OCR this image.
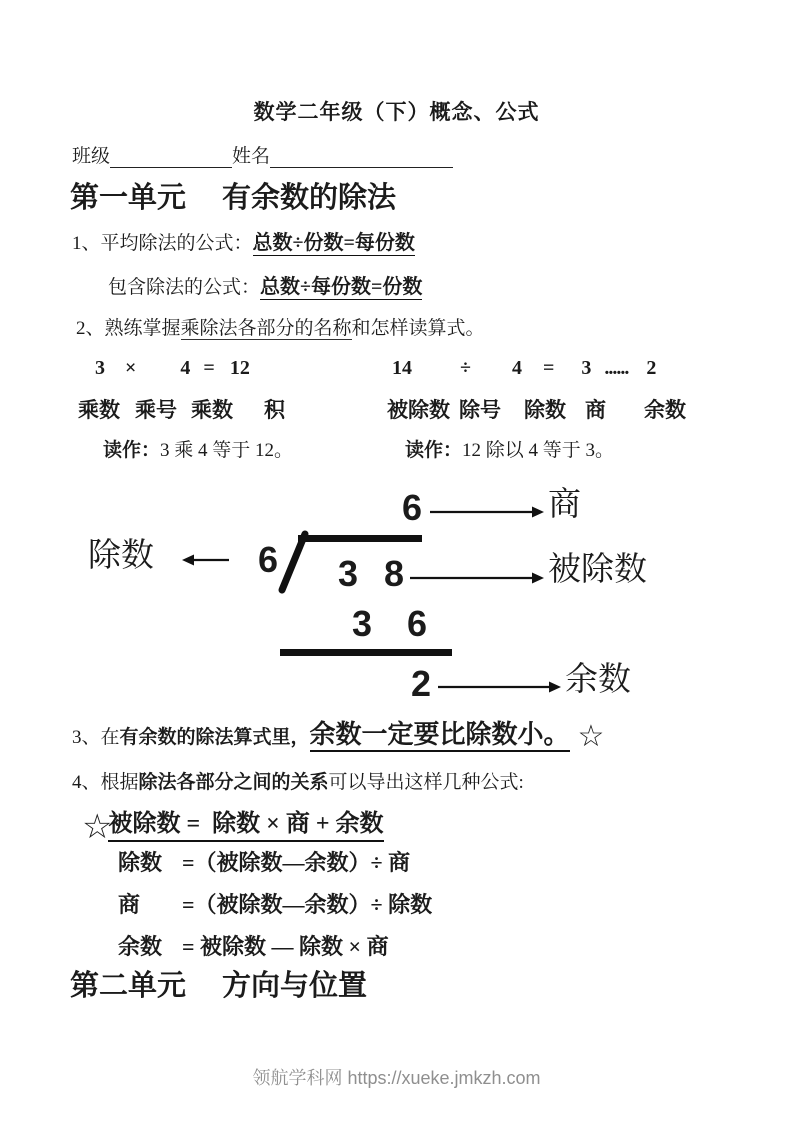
数学二年级（下）概念、公式
班级	姓名
第一单元 有余数的除法
1、平均除法的公式：总数÷份数=每份数
包含除法的公式：总数÷每份数=份数
2、熟练掌握乘除法各部分的名称和怎样读算式。
3 × 4 = 12
乘数 乘号 乘数 积
读作：3 乘 4 等于 12。
14 ÷ 4 = 3 ...... 2
被除数 除号 除数 商 余数
读作：12 除以 4 等于 3。
6	商
除数	6 3 8	被除数
3 6
2	余数
3、在有余数的除法算式里，余数一定要比除数小。 ☆
4、根据除法各部分之间的关系可以导出这样几种公式:
☆
被除数 =  除数 × 商 + 余数
除数 =（被除数—余数）÷ 商
商	=（被除数—余数）÷ 除数
余数 = 被除数 — 除数 × 商
第二单元 方向与位置
领航学科网 https://xueke.jmkzh.com
